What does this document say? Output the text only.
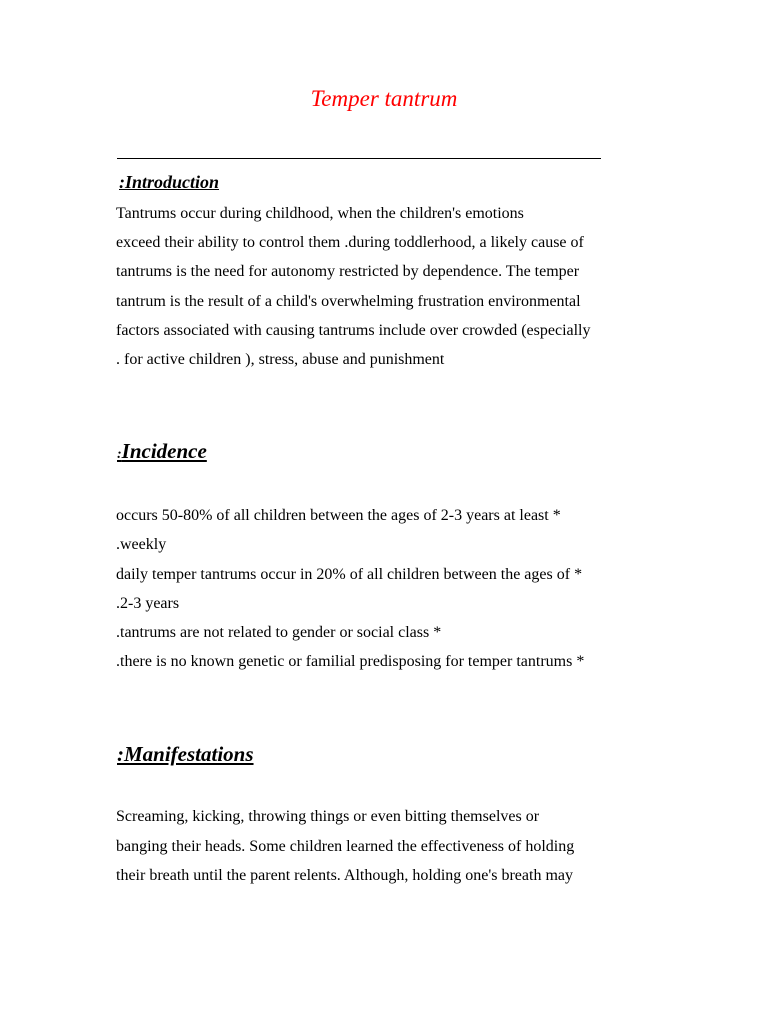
Temper tantrum
:Introduction

Tantrums occur during childhood, when the children's emotions

exceed their ability to control them .during toddlerhood, a likely cause of

tantrums is the need for autonomy restricted by dependence. The temper

tantrum is the result of a child's overwhelming frustration environmental

factors associated with causing tantrums include over crowded (especially

. for active children ), stress, abuse and punishment

:Incidence

occurs 50-80% of all children between the ages of 2-3 years at least *

.weekly

daily temper tantrums occur in 20% of all children between the ages of *

.2-3 years

.tantrums are not related to gender or social class *

.there is no known genetic or familial predisposing for temper tantrums *

:Manifestations

Screaming, kicking, throwing things or even bitting themselves or

banging their heads. Some children learned the effectiveness of holding

their breath until the parent relents. Although, holding one's breath may
